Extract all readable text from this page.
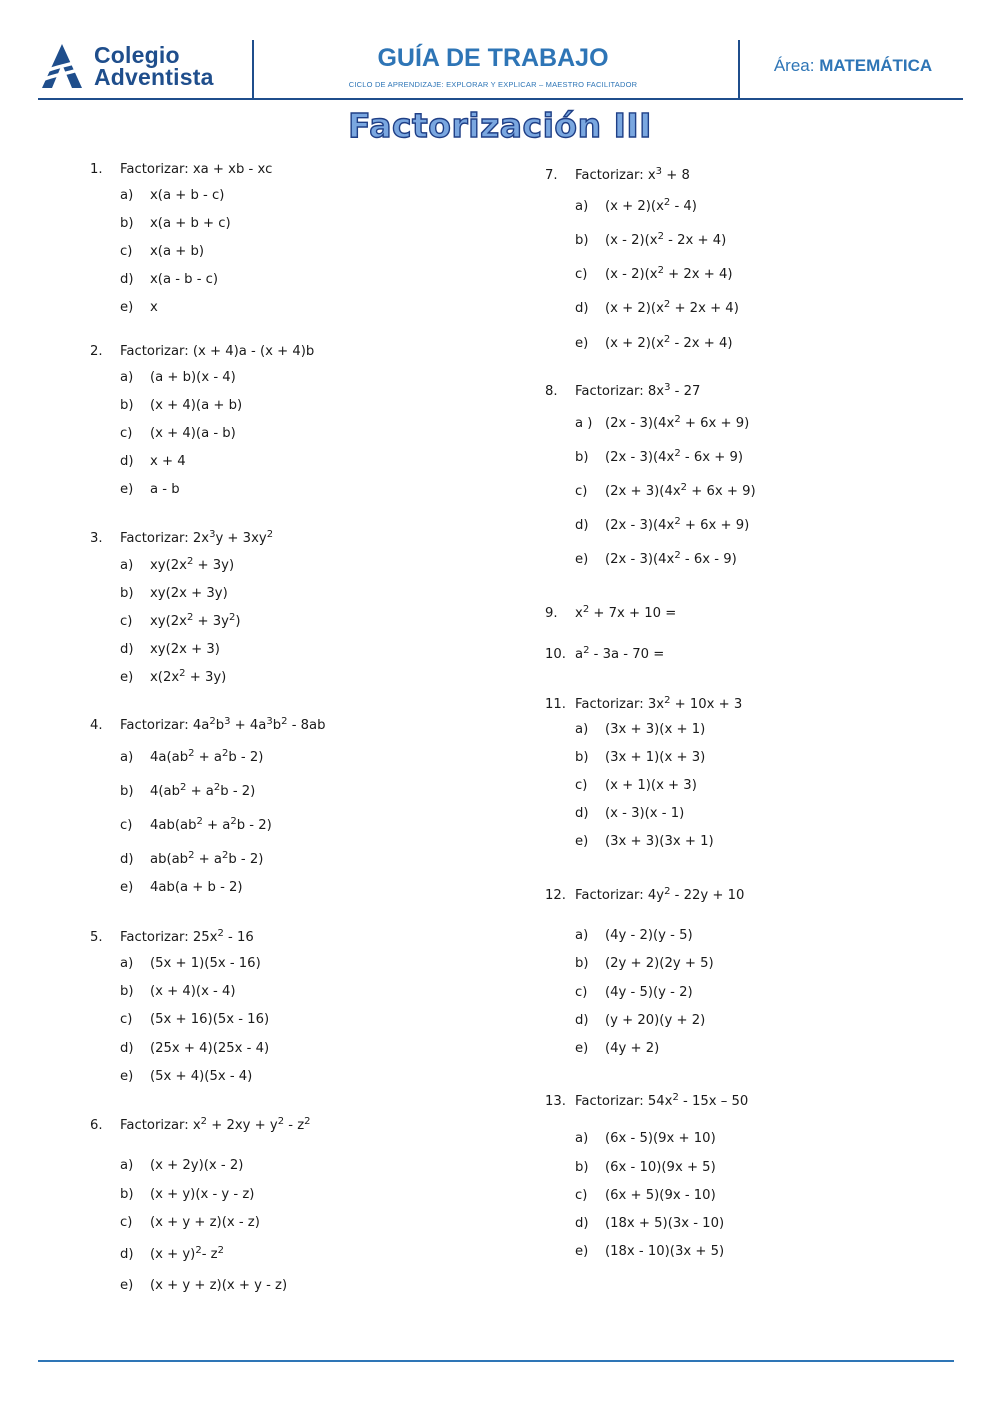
Colegio
Adventista
GUÍA DE TRABAJO
CICLO DE APRENDIZAJE: EXPLORAR Y EXPLICAR – MAESTRO FACILITADOR
Área: MATEMÁTICA
Factorización III
1. Factorizar: xa + xb - xc
a) x(a + b - c)
b) x(a + b + c)
c) x(a + b)
d) x(a - b - c)
e) x
2. Factorizar: (x + 4)a - (x + 4)b
a) (a + b)(x - 4)
b) (x + 4)(a + b)
c) (x + 4)(a - b)
d) x + 4
e) a - b
3. Factorizar: $2x^3y + 3xy^2$
a) $xy(2x^2 + 3y)$
b) xy(2x + 3y)
c) $xy(2x^2 + 3y^2)$
d) xy(2x + 3)
e) $x(2x^2 + 3y)$
4. Factorizar: $4a^2b^3 + 4a^3b^2 - 8ab$
a) $4a(ab^2 + a^2b - 2)$
b) $4(ab^2 + a^2b - 2)$
c) $4ab(ab^2 + a^2b - 2)$
d) $ab(ab^2 + a^2b - 2)$
e) 4ab(a + b - 2)
5. Factorizar: $25x^2 - 16$
a) (5x + 1)(5x - 16)
b) (x + 4)(x - 4)
c) (5x + 16)(5x - 16)
d) (25x + 4)(25x - 4)
e) (5x + 4)(5x - 4)
6. Factorizar: $x^2 + 2xy + y^2 - z^2$
a) (x + 2y)(x - 2)
b) (x + y)(x - y - z)
c) (x + y + z)(x - z)
d) $(x + y)^2-$ $z^2$
e) (x + y + z)(x + y - z)
7. Factorizar: $x^3 + 8$
a) $(x + 2)(x^2 - 4)$
b) $(x - 2)(x^2 - 2x + 4)$
c) $(x - 2)(x^2 + 2x + 4)$
d) $(x + 2)(x^2 + 2x + 4)$
e) $(x + 2)(x^2 - 2x + 4)$
8. Factorizar: $8x^3 - 27$
a ) $(2x - 3)(4x^2 + 6x + 9)$
b) $(2x - 3)(4x^2 - 6x + 9)$
c) $(2x + 3)(4x^2 + 6x + 9)$
d) $(2x - 3)(4x^2 + 6x + 9)$
e) $(2x - 3)(4x^2 - 6x - 9)$
9. $x^2 + 7x + 10$ =
10. $a^2 - 3a - 70$ =
11. Factorizar: $3x^2 + 10x + 3$
a) (3x + 3)(x + 1)
b) (3x + 1)(x + 3)
c) (x + 1)(x + 3)
d) (x - 3)(x - 1)
e) (3x + 3)(3x + 1)
12. Factorizar: $4y^2 - 22y + 10$
a) (4y - 2)(y - 5)
b) (2y + 2)(2y + 5)
c) (4y - 5)(y - 2)
d) (y + 20)(y + 2)
e) (4y + 2)
13. Factorizar: $54x^2 - 15x - 50$
a) (6x - 5)(9x + 10)
b) (6x - 10)(9x + 5)
c) (6x + 5)(9x - 10)
d) (18x + 5)(3x - 10)
e) (18x - 10)(3x + 5)
